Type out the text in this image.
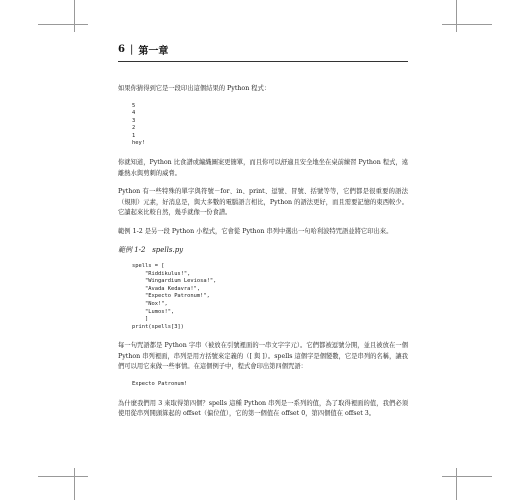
6 | 第一章

如果你猜得到它是一段印出這個結果的 Python 程式：

5
4
3
2
1
hey!

你就知道，Python 比食譜或編織圖案更簡單，而且你可以舒適且安全地坐在桌前練習 Python 程式，遠離熱水與剪刺的威脅。

Python 有一些特殊的單字與符號－for、in、print、逗號、冒號、括號等等，它們都是很重要的語法（規則）元素，好消息是，與大多數的電腦語言相比，Python 的語法更好，而且需要記憶的東西較少。它讀起來比較自然，幾乎就像一份食譜。

範例 1-2 是另一段 Python 小程式，它會從 Python 串列中選出一句哈利波特咒語並將它印出來。

範例 1-2 spells.py
spells = [
"Riddikulus!",
"Wingardium Leviosa!",
"Avada Kedavra!",
"Expecto Patronum!",
"Nox!",
"Lumos!",
]
print(spells[3])

每一句咒語都是 Python 字串（被放在引號裡面的一串文字字元）。它們都被逗號分開，並且被放在一個 Python 串列裡面，串列是用方括號來定義的（[ 與 ]）。spells 這個字是個變數，它是串列的名稱，讓我們可以用它來做一些事情。在這個例子中，程式會印出第四個咒語：

Expecto Patronum!

為什麼我們用 3 來取得第四個？spells 這種 Python 串列是一系列的值，為了取得裡面的值，我們必須使用從串列開頭算起的 offset（偏位值），它的第一個值在 offset 0，第四個值在 offset 3。
